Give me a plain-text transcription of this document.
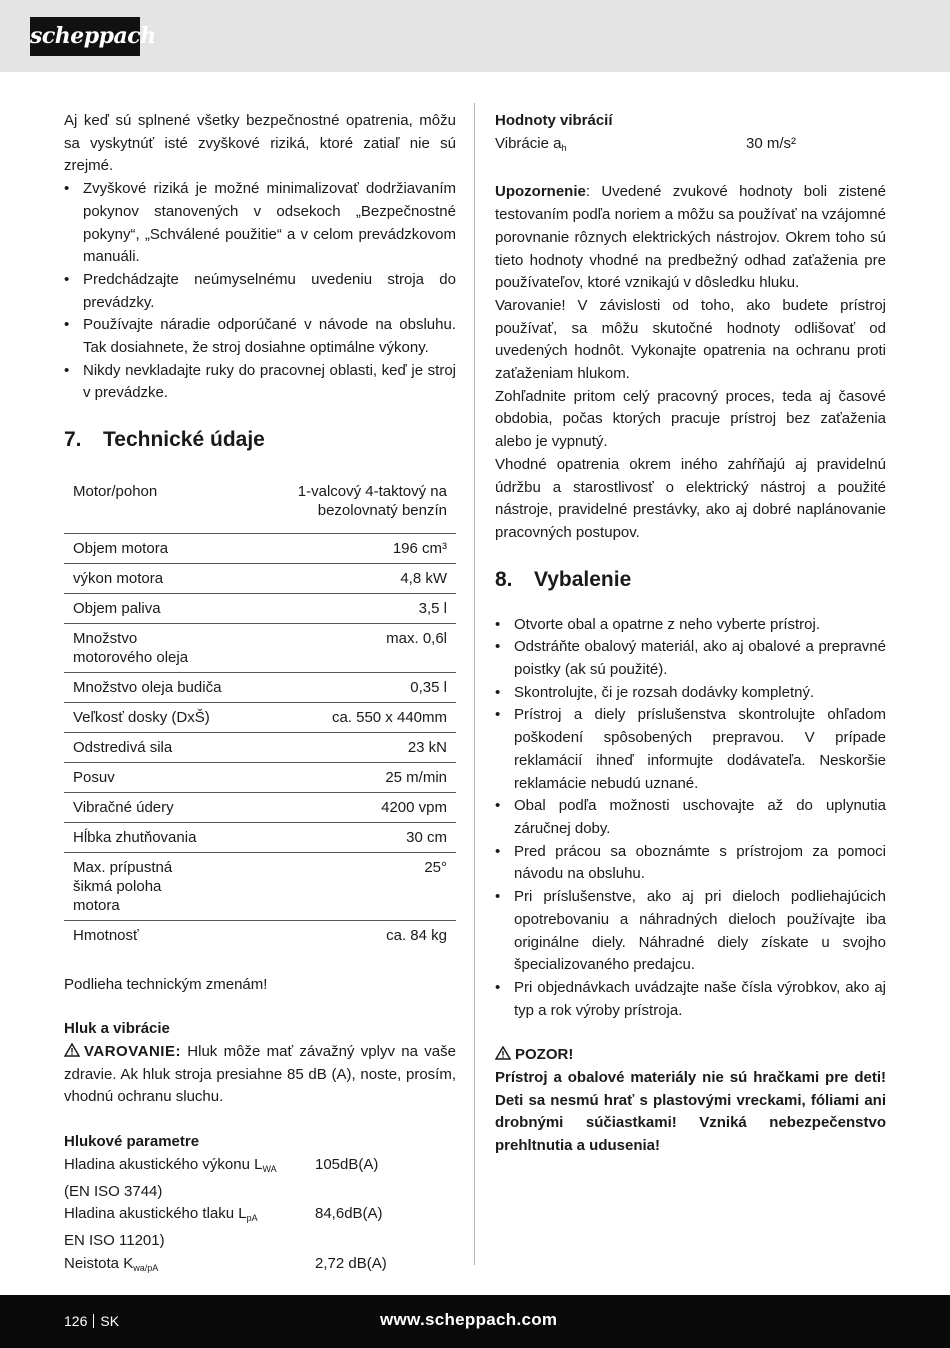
scheppach

Aj keď sú splnené všetky bezpečnostné opatrenia, môžu sa vyskytnúť isté zvyškové riziká, ktoré zatiaľ nie sú zrejmé.

• Zvyškové riziká je možné minimalizovať dodržiavaním pokynov stanovených v odsekoch „Bezpečnostné pokyny“, „Schválené použitie“ a v celom prevádzkovom manuáli.
• Predchádzajte neúmyselnému uvedeniu stroja do prevádzky.
• Používajte náradie odporúčané v návode na obsluhu. Tak dosiahnete, že stroj dosiahne optimálne výkony.
• Nikdy nevkladajte ruky do pracovnej oblasti, keď je stroj v prevádzke.
7.	Technické údaje
Motor/pohon	1-valcový 4-taktový na bezolovnatý benzín
Objem motora	196 cm³
výkon motora	4,8 kW
Objem paliva	3,5 l
Množstvo motorového oleja	max. 0,6l
Množstvo oleja budiča	0,35 l
Veľkosť dosky (DxŠ)	ca. 550 x 440mm
Odstredivá sila	23 kN
Posuv	25 m/min
Vibračné údery	4200 vpm
Hĺbka zhutňovania	30 cm
Max. prípustná šikmá poloha motora	25°
Hmotnosť	ca. 84 kg

Podlieha technickým zmenám!

Hluk a vibrácie

VAROVANIE: Hluk môže mať závažný vplyv na vaše zdravie. Ak hluk stroja presiahne 85 dB (A), noste, prosím, vhodnú ochranu sluchu.

Hlukové parametre

Hladina akustického výkonu $L_{WA}$	105dB(A)
(EN ISO 3744)
Hladina akustického tlaku $L_{pA}$	84,6dB(A)
EN ISO 11201)
Neistota $K_{wa/pA}$	2,72 dB(A)

Hodnoty vibrácií

Vibrácie $a_h$	30 m/s²

Upozornenie: Uvedené zvukové hodnoty boli zistené testovaním podľa noriem a môžu sa používať na vzájomné porovnanie rôznych elektrických nástrojov. Okrem toho sú tieto hodnoty vhodné na predbežný odhad zaťaženia pre používateľov, ktoré vznikajú v dôsledku hluku.

Varovanie! V závislosti od toho, ako budete prístroj používať, sa môžu skutočné hodnoty odlišovať od uvedených hodnôt. Vykonajte opatrenia na ochranu proti zaťaženiam hlukom.

Zohľadnite pritom celý pracovný proces, teda aj časové obdobia, počas ktorých pracuje prístroj bez zaťaženia alebo je vypnutý.

Vhodné opatrenia okrem iného zahŕňajú aj pravidelnú údržbu a starostlivosť o elektrický nástroj a použité nástroje, pravidelné prestávky, ako aj dobré naplánovanie pracovných postupov.

8.	Vybalenie
• Otvorte obal a opatrne z neho vyberte prístroj.
• Odstráňte obalový materiál, ako aj obalové a prepravné poistky (ak sú použité).
• Skontrolujte, či je rozsah dodávky kompletný.
• Prístroj a diely príslušenstva skontrolujte ohľadom poškodení spôsobených prepravou. V prípade reklamácií ihneď informujte dodávateľa. Neskoršie reklamácie nebudú uznané.
• Obal podľa možnosti uschovajte až do uplynutia záručnej doby.
• Pred prácou sa oboznámte s prístrojom za pomoci návodu na obsluhu.
• Pri príslušenstve, ako aj pri dieloch podliehajúcich opotrebovaniu a náhradných dieloch používajte iba originálne diely. Náhradné diely získate u svojho špecializovaného predajcu.
• Pri objednávkach uvádzajte naše čísla výrobkov, ako aj typ a rok výroby prístroja.

POZOR!

Prístroj a obalové materiály nie sú hračkami pre deti! Deti sa nesmú hrať s plastovými vreckami, fóliami ani drobnými súčiastkami! Vzniká nebezpečenstvo prehltnutia a udusenia!

126 SK	www.scheppach.com
